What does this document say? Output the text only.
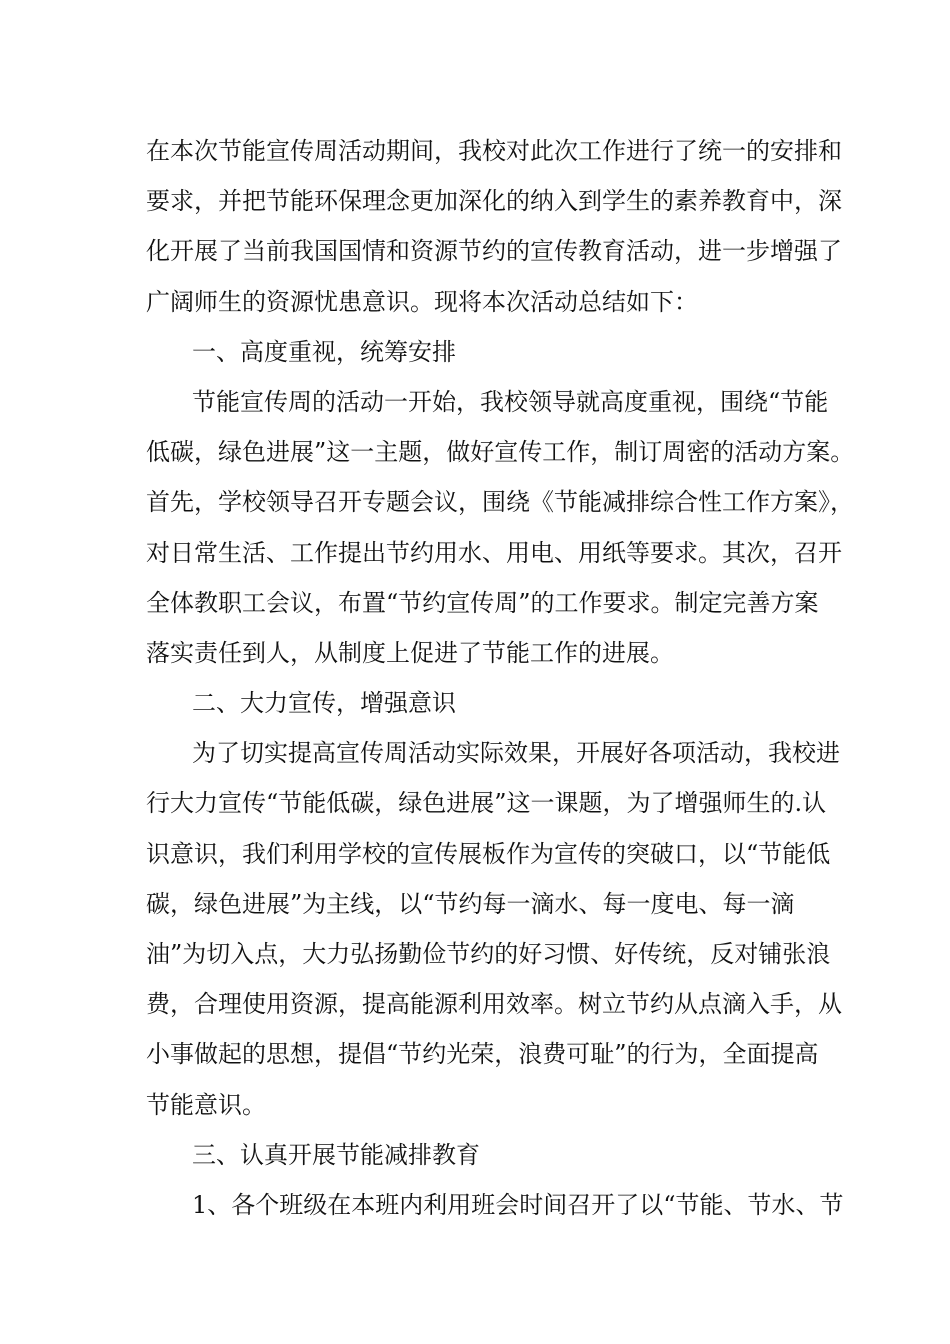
在本次节能宣传周活动期间，我校对此次工作进行了统一的安排和
要求，并把节能环保理念更加深化的纳入到学生的素养教育中，深
化开展了当前我国国情和资源节约的宣传教育活动，进一步增强了
广阔师生的资源忧患意识。现将本次活动总结如下：
一、高度重视，统筹安排
节能宣传周的活动一开始，我校领导就高度重视，围绕“节能
低碳，绿色进展”这一主题，做好宣传工作，制订周密的活动方案。
首先，学校领导召开专题会议，围绕《节能减排综合性工作方案》，
对日常生活、工作提出节约用水、用电、用纸等要求。其次，召开
全体教职工会议，布置“节约宣传周”的工作要求。制定完善方案
落实责任到人，从制度上促进了节能工作的进展。
二、大力宣传，增强意识
为了切实提高宣传周活动实际效果，开展好各项活动，我校进
行大力宣传“节能低碳，绿色进展”这一课题，为了增强师生的.认
识意识，我们利用学校的宣传展板作为宣传的突破口，以“节能低
碳，绿色进展”为主线，以“节约每一滴水、每一度电、每一滴
油”为切入点，大力弘扬勤俭节约的好习惯、好传统，反对铺张浪
费，合理使用资源，提高能源利用效率。树立节约从点滴入手，从
小事做起的思想，提倡“节约光荣，浪费可耻”的行为，全面提高
节能意识。
三、认真开展节能减排教育
1、各个班级在本班内利用班会时间召开了以“节能、节水、节
